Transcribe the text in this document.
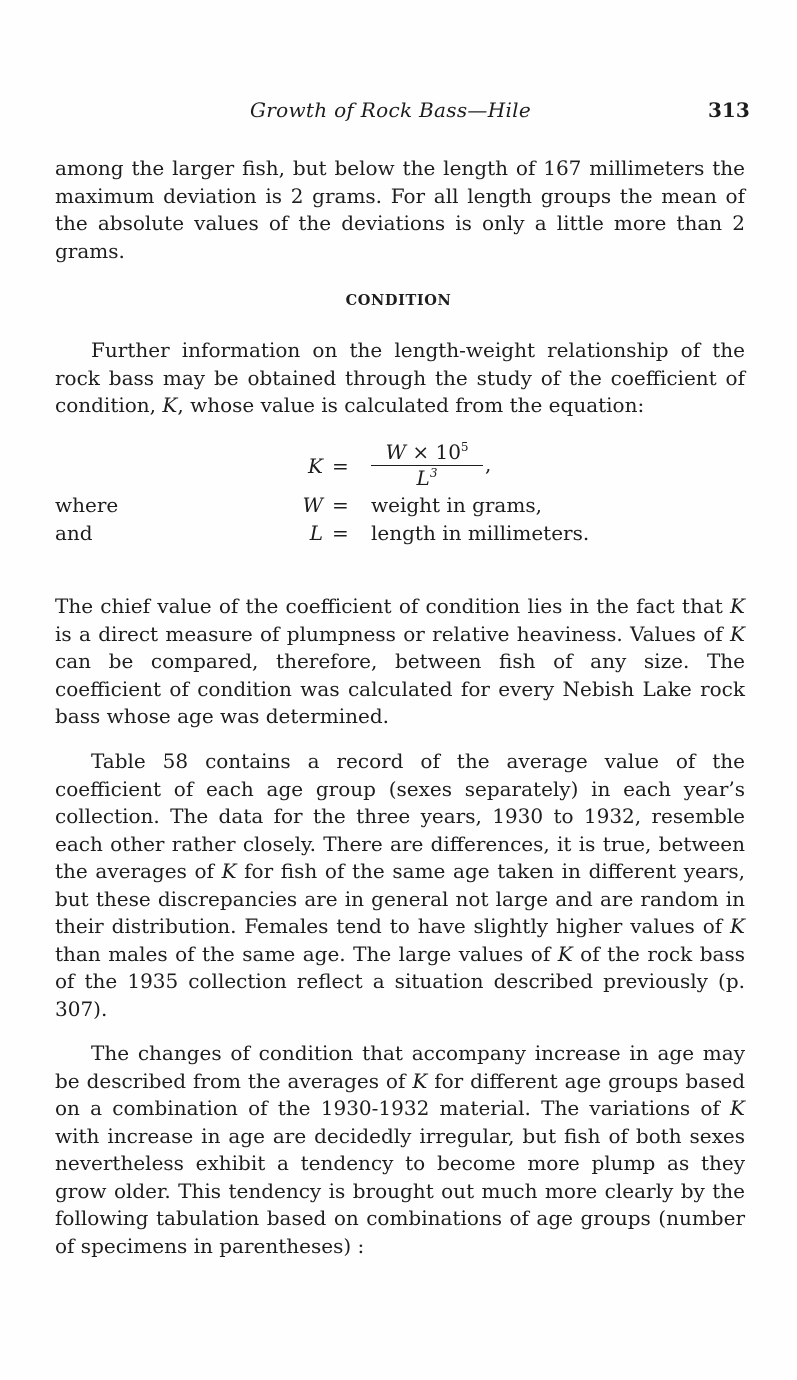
Growth of Rock Bass—Hile	313

among the larger fish, but below the length of 167 millimeters the maximum deviation is 2 grams. For all length groups the mean of the absolute values of the deviations is only a little more than 2 grams.

CONDITION

Further information on the length-weight relationship of the rock bass may be obtained through the study of the coefficient of condition, K, whose value is calculated from the equation:

$K = \frac{W \times 10^5}{L^3}$ ,
where	W = weight in grams,
and	L = length in millimeters.

The chief value of the coefficient of condition lies in the fact that K is a direct measure of plumpness or relative heaviness. Values of K can be compared, therefore, between fish of any size. The coefficient of condition was calculated for every Nebish Lake rock bass whose age was determined.

Table 58 contains a record of the average value of the coefficient of each age group (sexes separately) in each year’s collection. The data for the three years, 1930 to 1932, resemble each other rather closely. There are differences, it is true, between the averages of K for fish of the same age taken in different years, but these discrepancies are in general not large and are random in their distribution. Females tend to have slightly higher values of K than males of the same age. The large values of K of the rock bass of the 1935 collection reflect a situation described previously (p. 307).

The changes of condition that accompany increase in age may be described from the averages of K for different age groups based on a combination of the 1930-1932 material. The variations of K with increase in age are decidedly irregular, but fish of both sexes nevertheless exhibit a tendency to become more plump as they grow older. This tendency is brought out much more clearly by the following tabulation based on combinations of age groups (number of specimens in parentheses) :
